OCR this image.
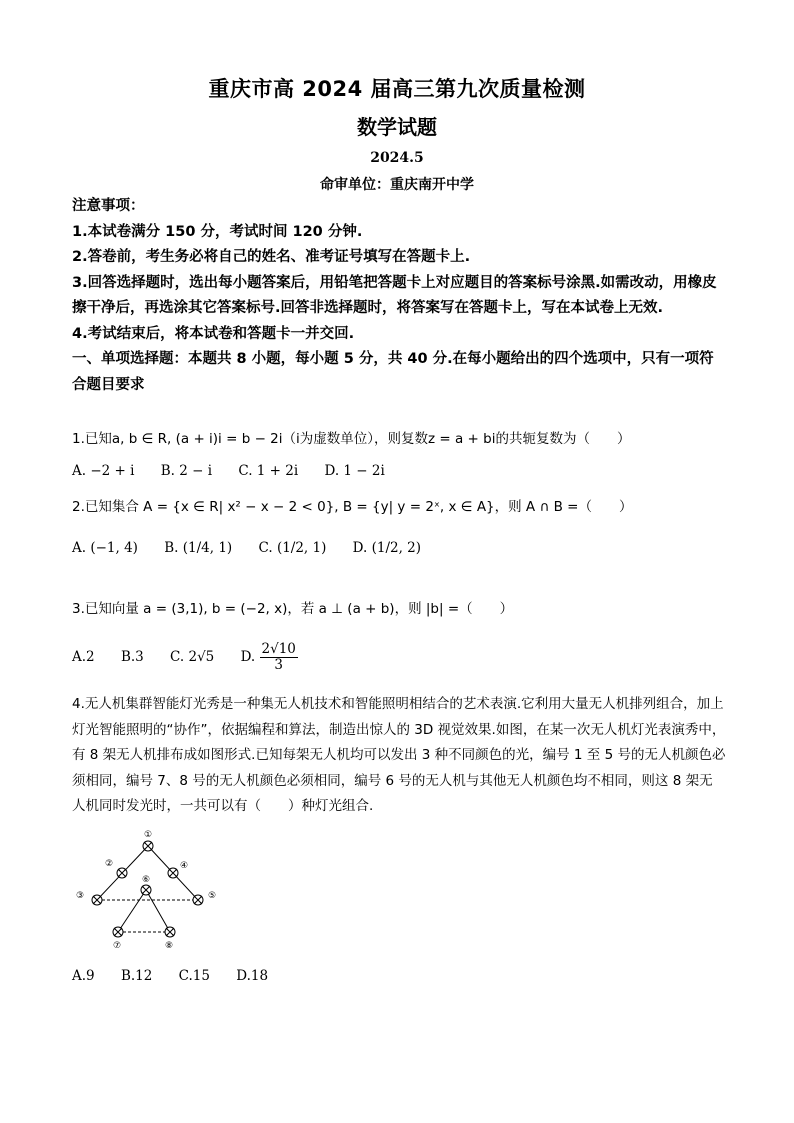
重庆市高 2024 届高三第九次质量检测
数学试题
2024.5
命审单位：重庆南开中学

注意事项：

1.本试卷满分 150 分，考试时间 120 分钟.

2.答卷前，考生务必将自己的姓名、准考证号填写在答题卡上.

3.回答选择题时，选出每小题答案后，用铅笔把答题卡上对应题目的答案标号涂黑.如需改动，用橡皮擦干净后，再选涂其它答案标号.回答非选择题时，将答案写在答题卡上，写在本试卷上无效.

4.考试结束后，将本试卷和答题卡一并交回.

一、单项选择题：本题共 8 小题，每小题 5 分，共 40 分.在每小题给出的四个选项中，只有一项符合题目要求

1.已知a, b ∈ R, (a + i)i = b − 2i（i为虚数单位），则复数z = a + bi的共轭复数为（　　）

A. −2 + i B. 2 − i C. 1 + 2i D. 1 − 2i

2.已知集合 A = {x ∈ R| x² − x − 2 < 0}, B = {y| y = 2ˣ, x ∈ A}，则 A ∩ B =（　　）

A. (−1, 4) B. (1/4, 1) C. (1/2, 1) D. (1/2, 2)

3.已知向量 a = (3,1), b = (−2, x)，若 a ⊥ (a + b)，则 |b| =（　　）

A.2 B.3 C. 2√5 D. $\frac{2√10}{3}$

4.无人机集群智能灯光秀是一种集无人机技术和智能照明相结合的艺术表演.它利用大量无人机排列组合，加上灯光智能照明的“协作”，依据编程和算法，制造出惊人的 3D 视觉效果.如图，在某一次无人机灯光表演秀中，有 8 架无人机排布成如图形式.已知每架无人机均可以发出 3 种不同颜色的光，编号 1 至 5 号的无人机颜色必须相同，编号 7、8 号的无人机颜色必须相同，编号 6 号的无人机与其他无人机颜色均不相同，则这 8 架无人机同时发光时，一共可以有（　　）种灯光组合.

①
②
③
④
⑤
⑥
⑦	⑧
A.9 B.12 C.15 D.18
